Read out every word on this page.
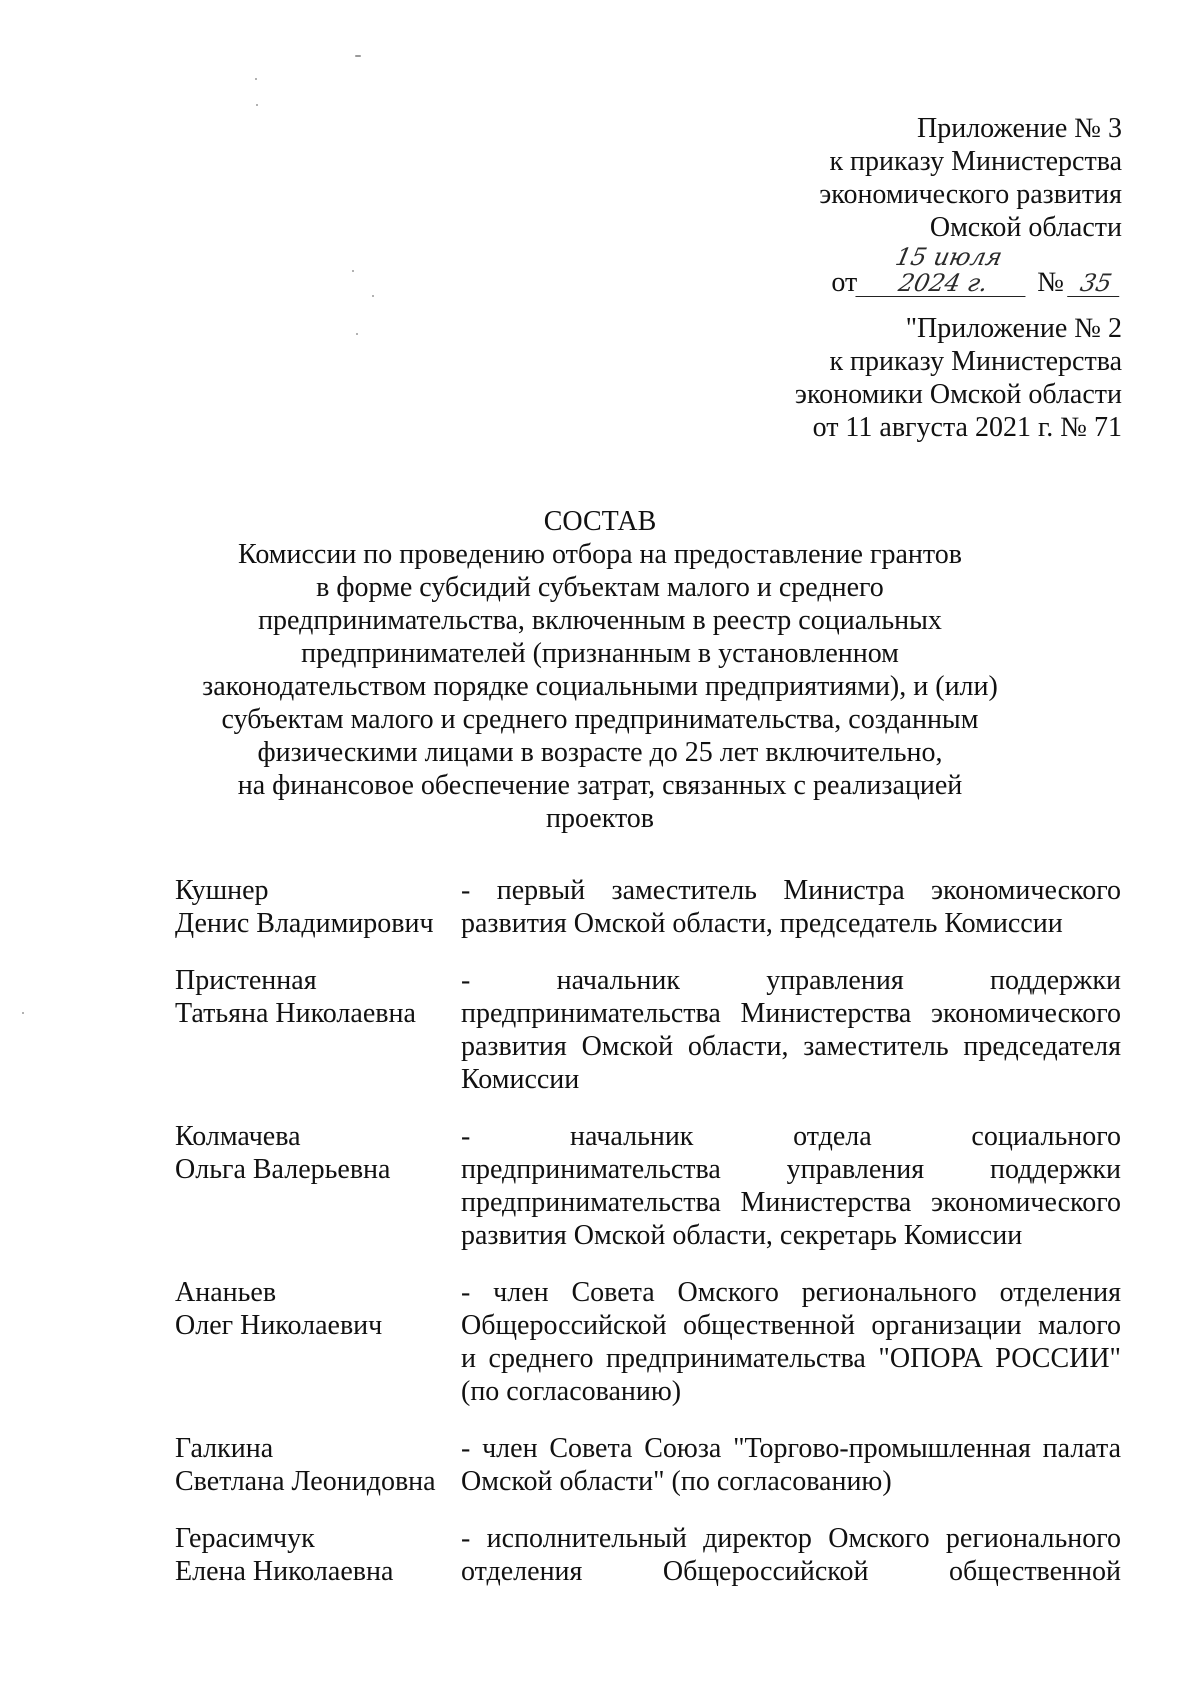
Приложение № 3
к приказу Министерства
экономического развития
Омской области
от15 июля 2024 г. № 35
"Приложение № 2
к приказу Министерства
экономики Омской области
от 11 августа 2021 г. № 71
СОСТАВ
Комиссии по проведению отбора на предоставление грантов
в форме субсидий субъектам малого и среднего
предпринимательства, включенным в реестр социальных
предпринимателей (признанным в установленном
законодательством порядке социальными предприятиями), и (или)
субъектам малого и среднего предпринимательства, созданным
физическими лицами в возрасте до 25 лет включительно,
на финансовое обеспечение затрат, связанных с реализацией
проектов
Кушнер
Денис Владимирович
- первый заместитель Министра экономического
развития Омской области, председатель Комиссии
Пристенная
Татьяна Николаевна
- начальник управления поддержки
предпринимательства Министерства экономического
развития Омской области, заместитель председателя
Комиссии
Колмачева
Ольга Валерьевна
- начальник отдела социального
предпринимательства управления поддержки
предпринимательства Министерства экономического
развития Омской области, секретарь Комиссии
Ананьев
Олег Николаевич
- член Совета Омского регионального отделения
Общероссийской общественной организации малого
и среднего предпринимательства "ОПОРА РОССИИ"
(по согласованию)
Галкина
Светлана Леонидовна
- член Совета Союза "Торгово-промышленная палата
Омской области" (по согласованию)
Герасимчук
Елена Николаевна
- исполнительный директор Омского регионального
отделения Общероссийской общественной
